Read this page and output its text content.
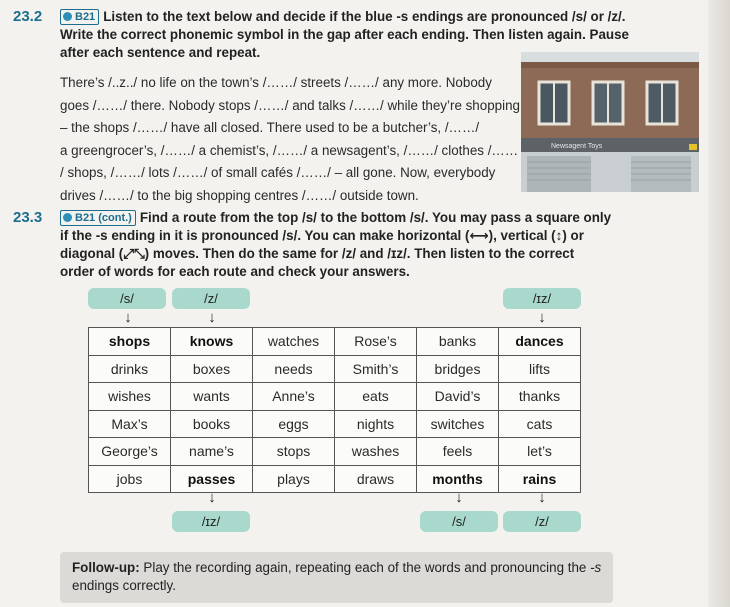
23.2	B21 Listen to the text below and decide if the blue -s endings are pronounced /s/ or /z/.
Write the correct phonemic symbol in the gap after each ending. Then listen again. Pause
after each sentence and repeat.
There’s /..z../ no life on the town’s /……/ streets /……/ any more. Nobody
goes /……/ there. Nobody stops /……/ and talks /……/ while they’re shopping
– the shops /……/ have all closed. There used to be a butcher’s, /……/
a greengrocer’s, /……/ a chemist’s, /……/ a newsagent’s, /……/ clothes /……
/ shops, /……/ lots /……/ of small cafés /……/ – all gone. Now, everybody
drives /……/ to the big shopping centres /……/ outside town.
Newsagent Toys
23.3	B21 (cont.) Find a route from the top /s/ to the bottom /s/. You may pass a square only
if the -s ending in it is pronounced /s/. You can make horizontal (⟷), vertical (↕) or
diagonal (⤢⤡) moves. Then do the same for /z/ and /ɪz/. Then listen to the correct
order of words for each route and check your answers.
/s/	/z/	/ɪz/
↓	↓	↓
shops	knows	watches	Rose’s	banks	dances
drinks	boxes	needs	Smith’s	bridges	lifts
wishes	wants	Anne’s	eats	David’s	thanks
Max’s	books	eggs	nights	switches	cats
George’s	name’s	stops	washes	feels	let’s
jobs	passes	plays	draws	months	rains
↓	↓	↓
/ɪz/	/s/	/z/
Follow-up: Play the recording again, repeating each of the words and pronouncing the -s endings correctly.
